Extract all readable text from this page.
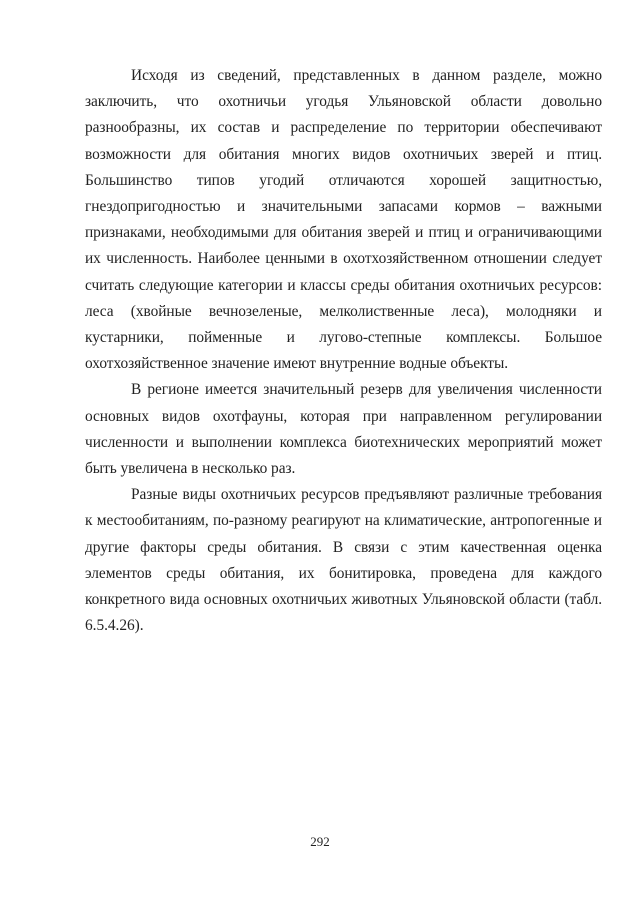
Исходя из сведений, представленных в данном разделе, можно заключить, что охотничьи угодья Ульяновской области довольно разнообразны, их состав и распределение по территории обеспечивают возможности для обитания многих видов охотничьих зверей и птиц. Большинство типов угодий отличаются хорошей защитностью, гнездопригодностью и значительными запасами кормов – важными признаками, необходимыми для обитания зверей и птиц и ограничивающими их численность. Наиболее ценными в охотхозяйственном отношении следует считать следующие категории и классы среды обитания охотничьих ресурсов: леса (хвойные вечнозеленые, мелколиственные леса), молодняки и кустарники, пойменные и лугово-степные комплексы. Большое охотхозяйственное значение имеют внутренние водные объекты.

В регионе имеется значительный резерв для увеличения численности основных видов охотфауны, которая при направленном регулировании численности и выполнении комплекса биотехнических мероприятий может быть увеличена в несколько раз.

Разные виды охотничьих ресурсов предъявляют различные требования к местообитаниям, по-разному реагируют на климатические, антропогенные и другие факторы среды обитания. В связи с этим качественная оценка элементов среды обитания, их бонитировка, проведена для каждого конкретного вида основных охотничьих животных Ульяновской области (табл. 6.5.4.26).

292
